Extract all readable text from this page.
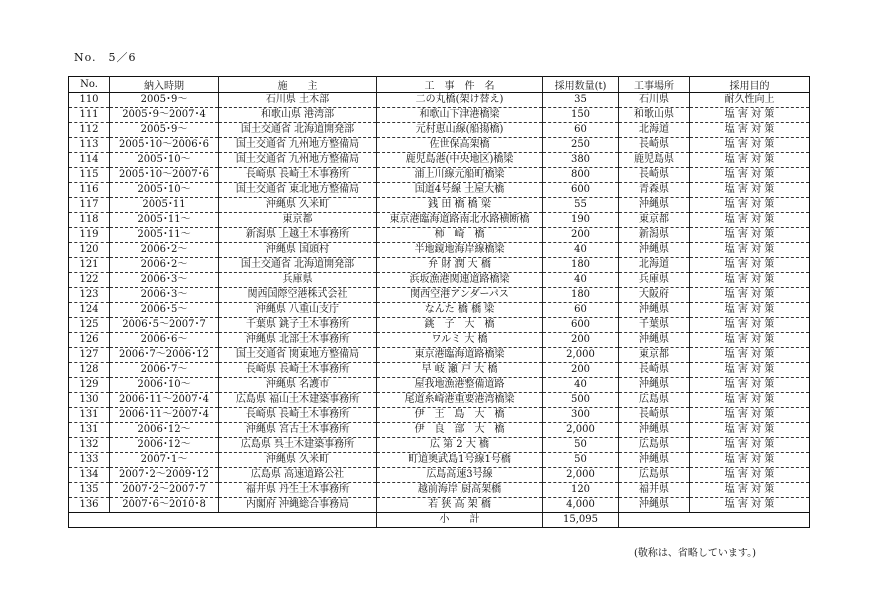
No.　5／6
No.	納入時期	施　　主	工　事　件　名	採用数量(t)	工事場所	採用目的
110	2005･9～	石川県 土木部	二の丸橋(架け替え)	35	石川県	耐久性向上
111	2005･9～2007･4	和歌山県 港湾部	和歌山下津港橋梁	150	和歌山県	塩 害 対 策
112	2005･9～	国土交通省 北海道開発部	元村恵山線(船揚橋)	60	北海道	塩 害 対 策
113	2005･10～2006･6	国土交通省 九州地方整備局	佐世保高架橋	250	長崎県	塩 害 対 策
114	2005･10～	国土交通省 九州地方整備局	鹿児島港(中央地区)橋梁	380	鹿児島県	塩 害 対 策
115	2005･10～2007･6	長崎県 長崎土木事務所	浦上川線元船町橋梁	800	長崎県	塩 害 対 策
116	2005･10～	国土交通省 東北地方整備局	国道4号線 土屋大橋	600	青森県	塩 害 対 策
117	2005･11	沖縄県 久米町	銭 田 橋 橋 梁	55	沖縄県	塩 害 対 策
118	2005･11～	東京都	東京港臨海道路南北水路横断橋	190	東京都	塩 害 対 策
119	2005･11～	新潟県 上越土木事務所	柿　崎　橋	200	新潟県	塩 害 対 策
120	2006･2～	沖縄県 国頭村	半地鏡地海岸線橋梁	40	沖縄県	塩 害 対 策
121	2006･2～	国土交通省 北海道開発部	弁 財 潤 大 橋	180	北海道	塩 害 対 策
122	2006･3～	兵庫県	浜坂漁港関連道路橋梁	40	兵庫県	塩 害 対 策
123	2006･3～	関西国際空港株式会社	関西空港アンダーパス	180	大阪府	塩 害 対 策
124	2006･5～	沖縄県 八重山支庁	なんた 橋 橋 梁	60	沖縄県	塩 害 対 策
125	2006･5～2007･7	千葉県 銚子土木事務所	銚　子　大　橋	600	千葉県	塩 害 対 策
126	2006･6～	沖縄県 北部土木事務所	ワルミ 大 橋	200	沖縄県	塩 害 対 策
127	2006･7～2006･12	国土交通省 関東地方整備局	東京港臨海道路橋梁	2,000	東京都	塩 害 対 策
128	2006･7～	長崎県 長崎土木事務所	早 岐 瀬 戸 大 橋	200	長崎県	塩 害 対 策
129	2006･10～	沖縄県 名護市	屋我地漁港整備道路	40	沖縄県	塩 害 対 策
130	2006･11～2007･4	広島県 福山土木建築事務所	尾道糸崎港重要港湾橋梁	500	広島県	塩 害 対 策
131	2006･11～2007･4	長崎県 長崎土木事務所	伊　王　島　大　橋	300	長崎県	塩 害 対 策
131	2006･12～	沖縄県 宮古土木事務所	伊　良　部　大　橋	2,000	沖縄県	塩 害 対 策
132	2006･12～	広島県 呉土木建築事務所	広 第 2 大 橋	50	広島県	塩 害 対 策
133	2007･1～	沖縄県 久米町	町道奥武島1号線1号橋	50	沖縄県	塩 害 対 策
134	2007･2～2009･12	広島県 高速道路公社	広島高速3号線	2,000	広島県	塩 害 対 策
135	2007･2～2007･7	福井県 丹生土木事務所	越前海岸 厨高架橋	120	福井県	塩 害 対 策
136	2007･6～2010･8	内閣府 沖縄総合事務局	若 狭 高 架 橋	4,000	沖縄県	塩 害 対 策
			小　　計	15,095		
(敬称は、省略しています。)
